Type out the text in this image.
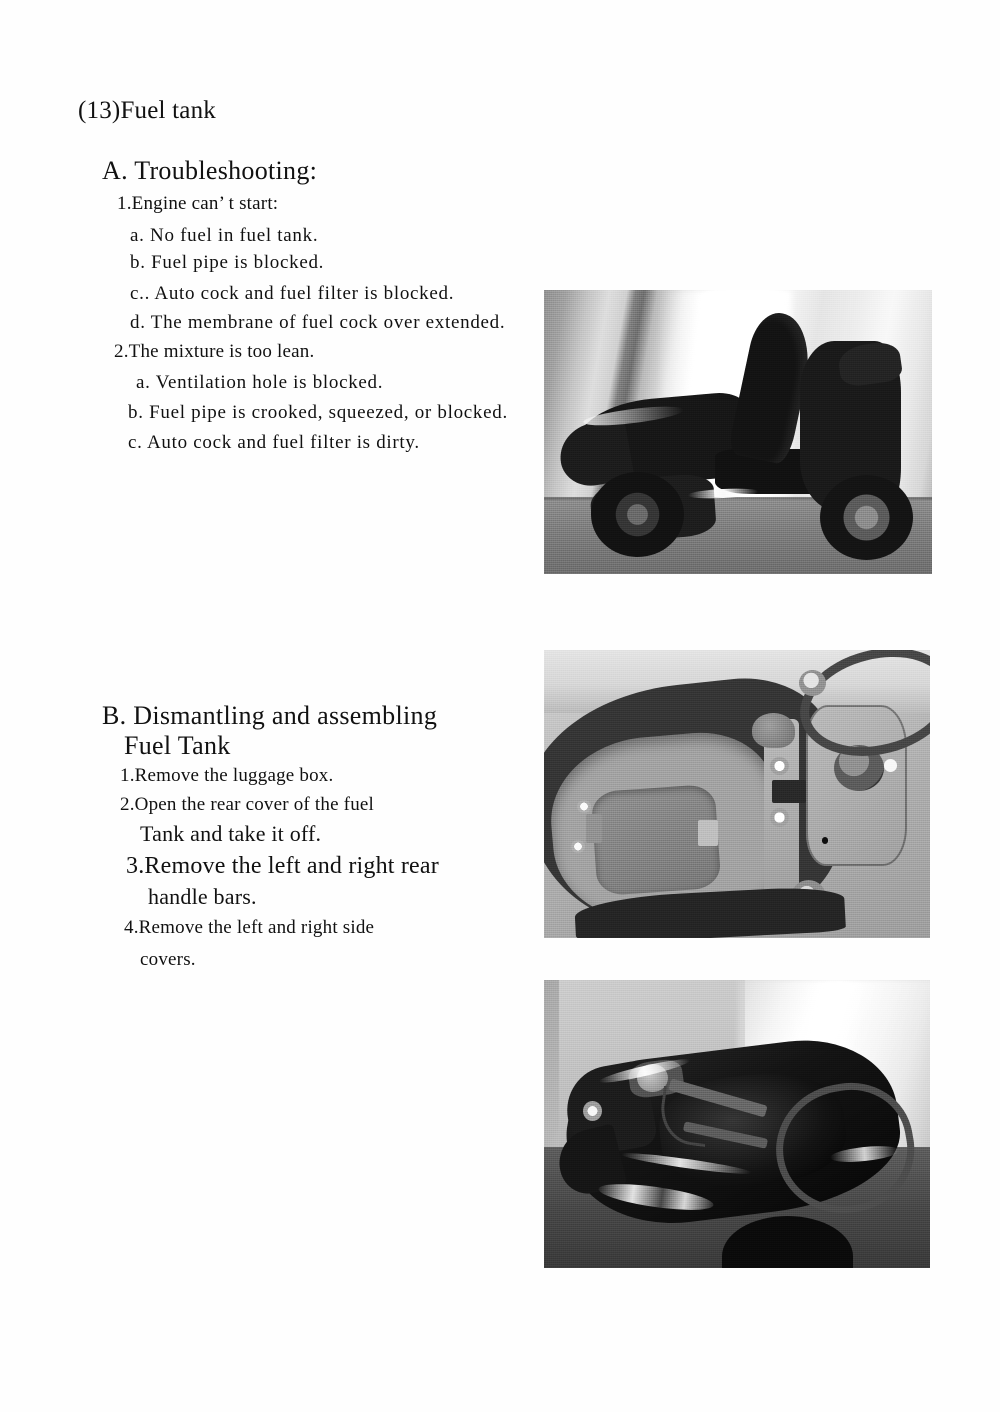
(13)Fuel tank
A. Troubleshooting:
1.Engine can’ t start:
a. No fuel in fuel tank.
b. Fuel pipe is blocked.
c.. Auto cock and fuel filter is blocked.
d. The membrane of fuel cock over extended.
2.The mixture is too lean.
a. Ventilation hole is blocked.
b. Fuel pipe is crooked, squeezed, or blocked.
c. Auto cock and fuel filter is dirty.
B. Dismantling and assembling
Fuel Tank
1.Remove the luggage box.
2.Open the rear cover of the fuel
Tank and take it off.
3.Remove the left and right rear
handle bars.
4.Remove the left and right side
covers.
